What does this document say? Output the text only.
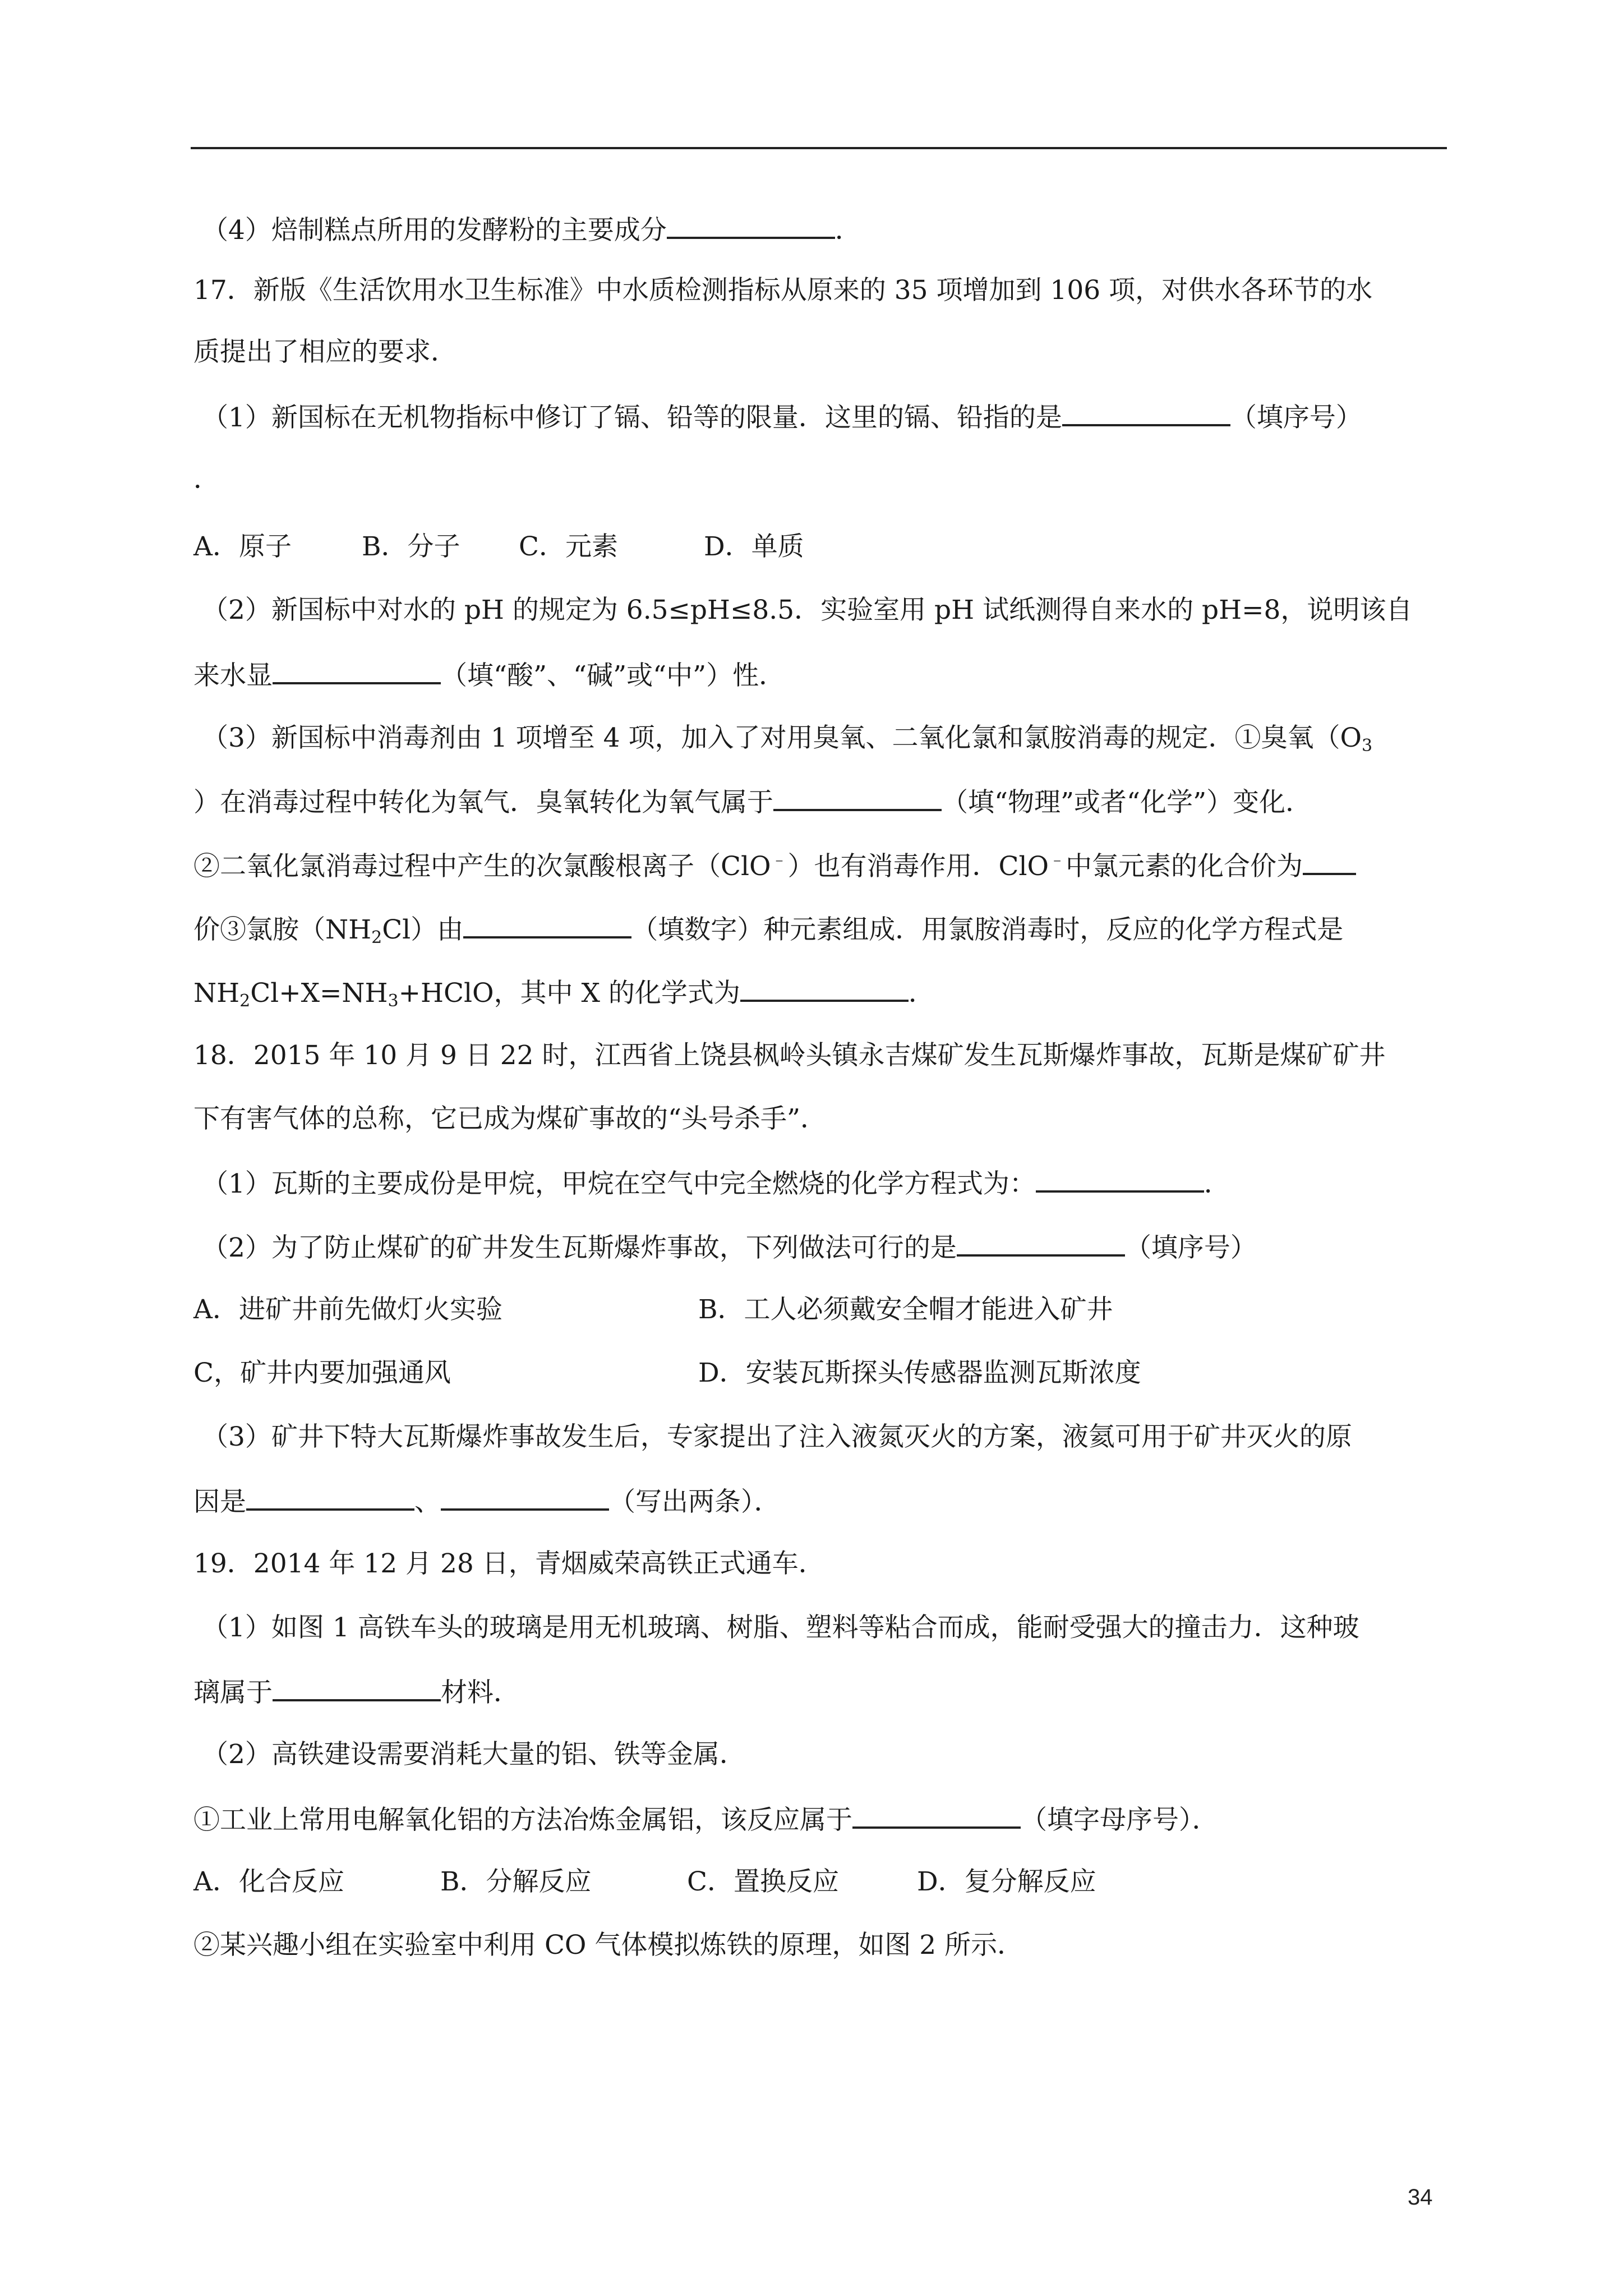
（4）焙制糕点所用的发酵粉的主要成分	．
17．新版《生活饮用水卫生标准》中水质检测指标从原来的 35 项增加到 106 项，对供水各环节的水
质提出了相应的要求．
（1）新国标在无机物指标中修订了镉、铅等的限量．这里的镉、铅指的是	（填序号）
．
A．原子	B．分子 C．元素	D．单质
（2）新国标中对水的 pH 的规定为 6.5≤pH≤8.5．实验室用 pH 试纸测得自来水的 pH=8，说明该自
来水显	（填“酸”、“碱”或“中”）性．
（3）新国标中消毒剂由 1 项增至 4 项，加入了对用臭氧、二氧化氯和氯胺消毒的规定．①臭氧（$O_3$
）在消毒过程中转化为氧气．臭氧转化为氧气属于	（填“物理”或者“化学”）变化．
②二氧化氯消毒过程中产生的次氯酸根离子（ClO﹣）也有消毒作用．ClO﹣中氯元素的化合价为
价③氯胺$(NH_2Cl)$由	（填数字）种元素组成．用氯胺消毒时，反应的化学方程式是
$NH_2Cl+X=NH_3+HClO$，其中 X 的化学式为	．
18．2015 年 10 月 9 日 22 时，江西省上饶县枫岭头镇永吉煤矿发生瓦斯爆炸事故，瓦斯是煤矿矿井
下有害气体的总称，它已成为煤矿事故的“头号杀手”．
（1）瓦斯的主要成份是甲烷，甲烷在空气中完全燃烧的化学方程式为：	．
（2）为了防止煤矿的矿井发生瓦斯爆炸事故，下列做法可行的是	（填序号）
A．进矿井前先做灯火实验	B．工人必须戴安全帽才能进入矿井
C，矿井内要加强通风	D．安装瓦斯探头传感器监测瓦斯浓度
（3）矿井下特大瓦斯爆炸事故发生后，专家提出了注入液氮灭火的方案，液氦可用于矿井灭火的原
因是	、	（写出两条）．
19．2014 年 12 月 28 日，青烟威荣高铁正式通车．
（1）如图 1 高铁车头的玻璃是用无机玻璃、树脂、塑料等粘合而成，能耐受强大的撞击力．这种玻
璃属于	材料．
（2）高铁建设需要消耗大量的铝、铁等金属．
①工业上常用电解氧化铝的方法冶炼金属铝，该反应属于	（填字母序号）．
A．化合反应	B．分解反应	C．置换反应	D．复分解反应
②某兴趣小组在实验室中利用 CO 气体模拟炼铁的原理，如图 2 所示．
34
